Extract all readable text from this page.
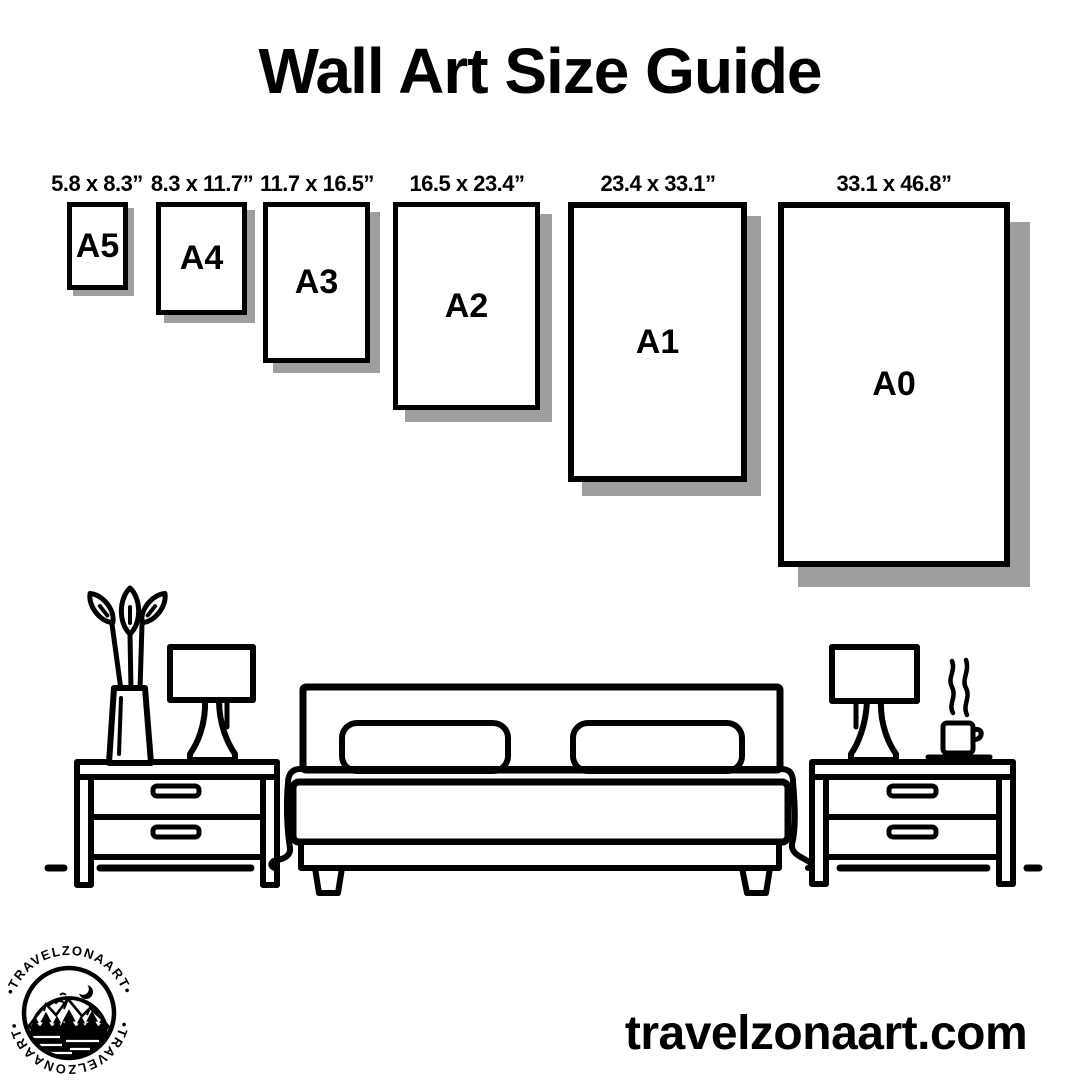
Wall Art Size Guide
5.8 x 8.3” 8.3 x 11.7” 11.7 x 16.5”	16.5 x 23.4”	23.4 x 33.1”	33.1 x 46.8”
A5 A4
A3
A2
A1
A0
•TRAVELZONAART•
•TRAVELZONAART•	travelzonaart.com
